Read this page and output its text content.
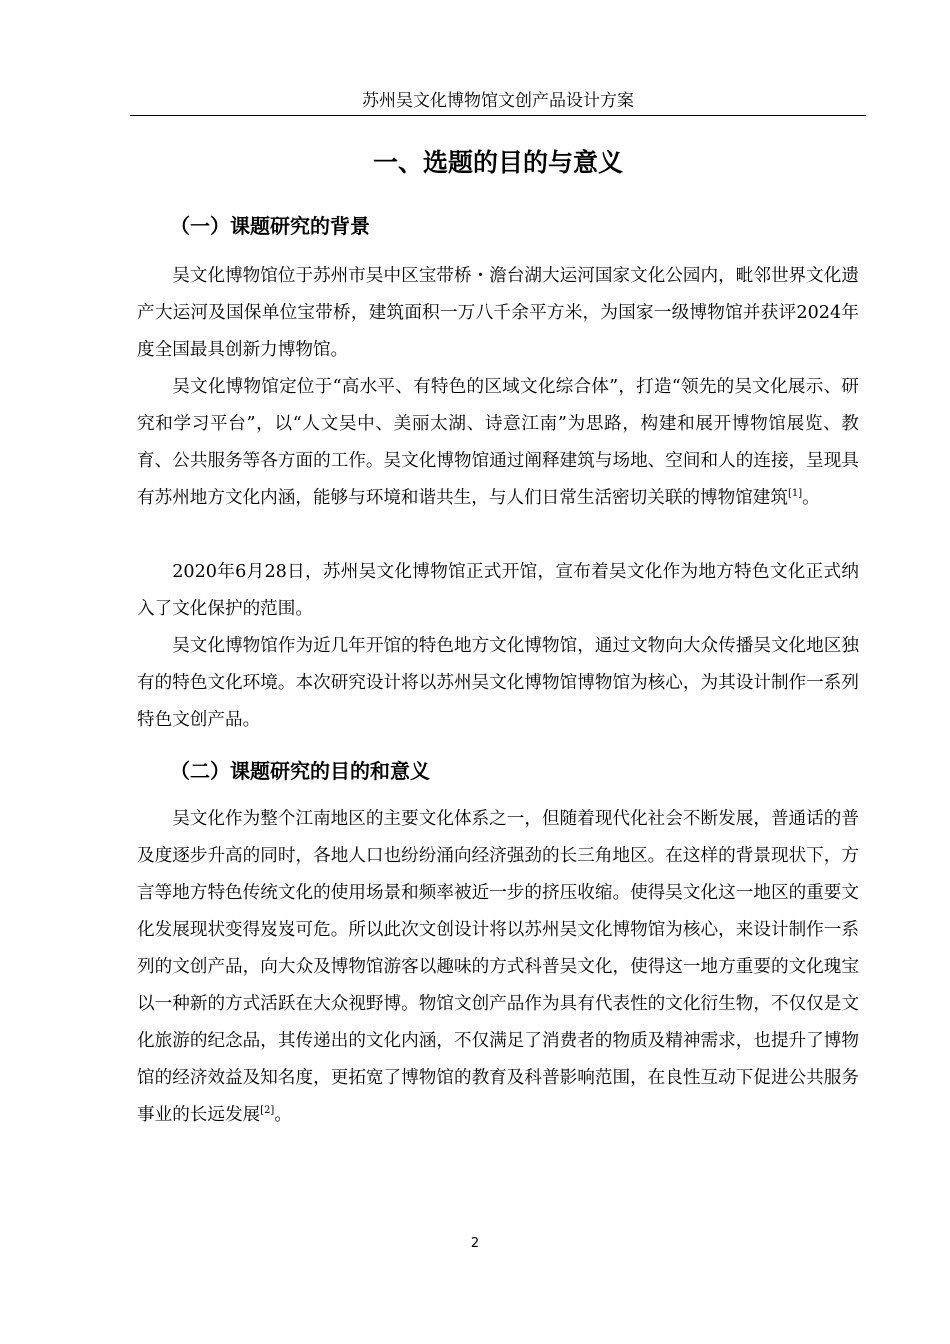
苏州吴文化博物馆文创产品设计方案
一、选题的目的与意义
（一）课题研究的背景

吴文化博物馆位于苏州市吴中区宝带桥・澹台湖大运河国家文化公园内，毗邻世界文化遗产大运河及国保单位宝带桥，建筑面积一万八千余平方米，为国家一级博物馆并获评2024年度全国最具创新力博物馆。

吴文化博物馆定位于“高水平、有特色的区域文化综合体”，打造“领先的吴文化展示、研究和学习平台”，以“人文吴中、美丽太湖、诗意江南”为思路，构建和展开博物馆展览、教育、公共服务等各方面的工作。吴文化博物馆通过阐释建筑与场地、空间和人的连接，呈现具有苏州地方文化内涵，能够与环境和谐共生，与人们日常生活密切关联的博物馆建筑[1]。

2020年6月28日，苏州吴文化博物馆正式开馆，宣布着吴文化作为地方特色文化正式纳入了文化保护的范围。

吴文化博物馆作为近几年开馆的特色地方文化博物馆，通过文物向大众传播吴文化地区独有的特色文化环境。本次研究设计将以苏州吴文化博物馆博物馆为核心，为其设计制作一系列特色文创产品。

（二）课题研究的目的和意义

吴文化作为整个江南地区的主要文化体系之一，但随着现代化社会不断发展，普通话的普及度逐步升高的同时，各地人口也纷纷涌向经济强劲的长三角地区。在这样的背景现状下，方言等地方特色传统文化的使用场景和频率被近一步的挤压收缩。使得吴文化这一地区的重要文化发展现状变得岌岌可危。所以此次文创设计将以苏州吴文化博物馆为核心，来设计制作一系列的文创产品，向大众及博物馆游客以趣味的方式科普吴文化，使得这一地方重要的文化瑰宝以一种新的方式活跃在大众视野博。物馆文创产品作为具有代表性的文化衍生物，不仅仅是文化旅游的纪念品，其传递出的文化内涵，不仅满足了消费者的物质及精神需求，也提升了博物馆的经济效益及知名度，更拓宽了博物馆的教育及科普影响范围，在良性互动下促进公共服务事业的长远发展[2]。

2
